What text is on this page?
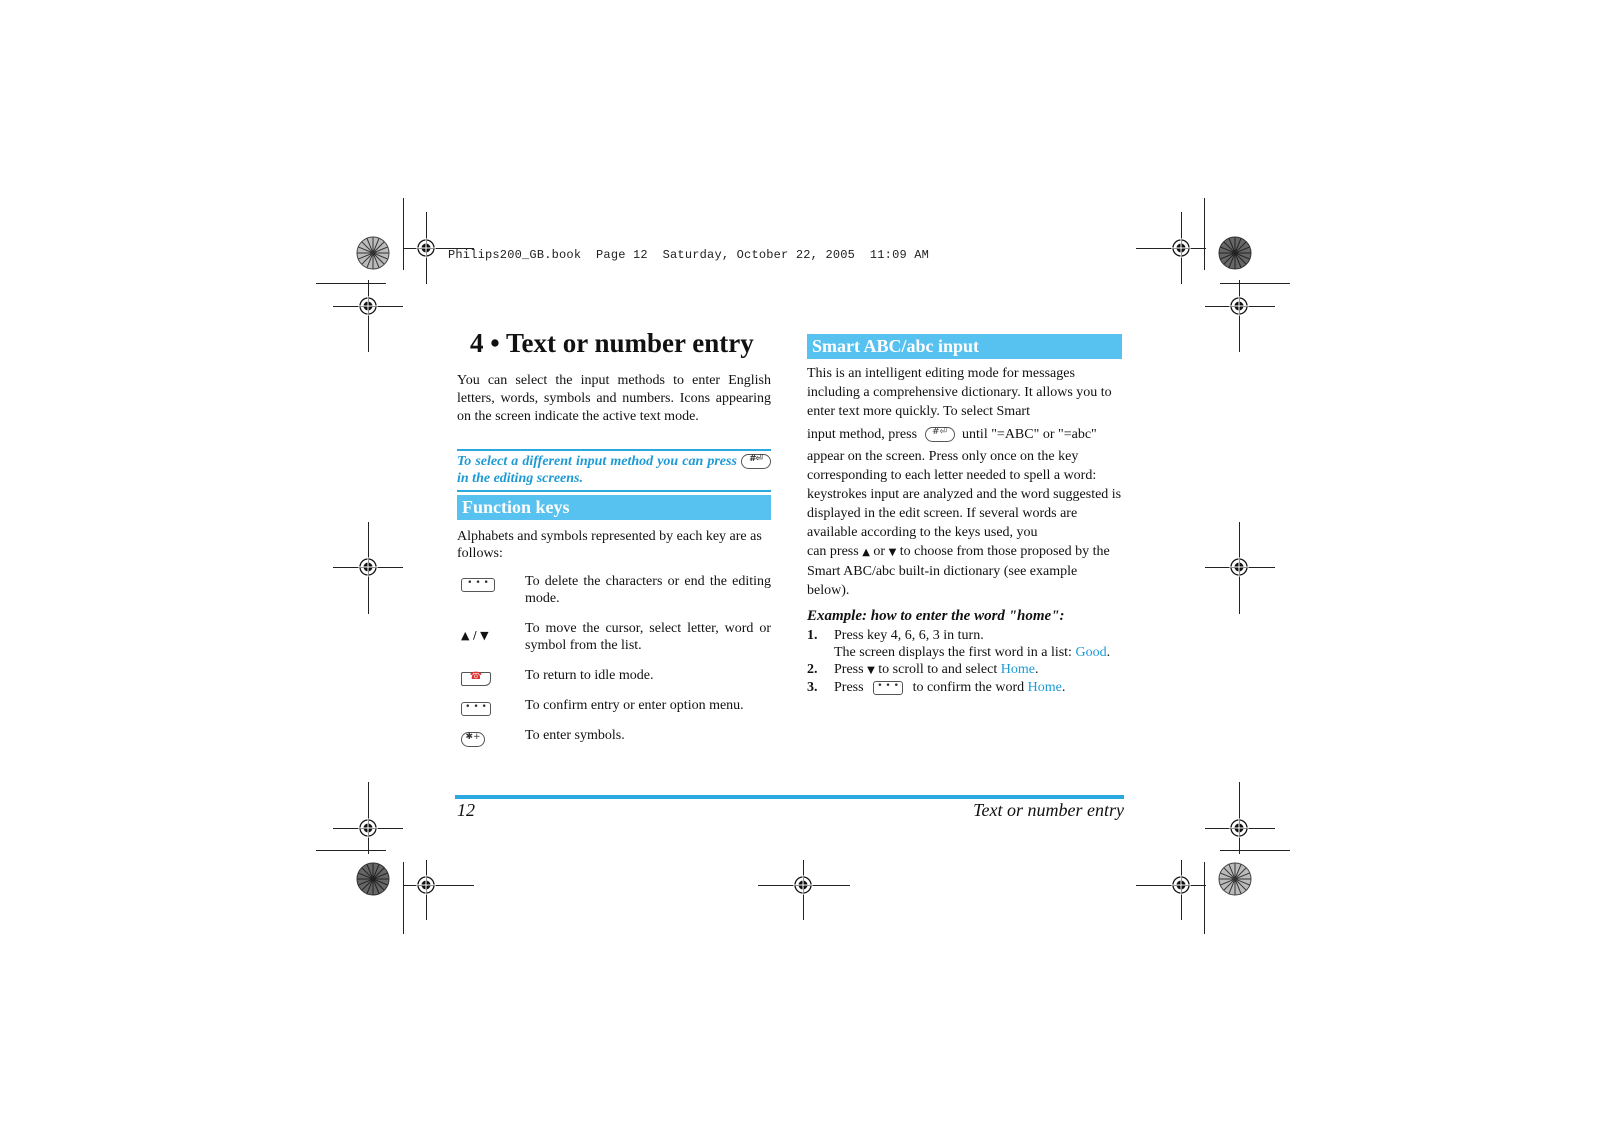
Philips200_GB.book  Page 12  Saturday, October 22, 2005  11:09 AM
4 • Text or number entry
You can select the input methods to enter English letters, words, symbols and numbers. Icons appearing on the screen indicate the active text mode.
To select a different input method you can press	#⏎
in the editing screens.
Function keys
Alphabets and symbols represented by each key are as follows:
• • •	To delete the characters or end the editing mode.
▲ / ▼	To move the cursor, select letter, word or symbol from the list.
☎	To return to idle mode.
• • •	To confirm entry or enter option menu.
✱+	To enter symbols.
Smart ABC/abc input
This is an intelligent editing mode for messages including a comprehensive dictionary. It allows you to enter text more quickly. To select Smart
input method, press	#⏎	until "=ABC" or "=abc"
appear on the screen. Press only once on the key corresponding to each letter needed to spell a word: keystrokes input are analyzed and the word suggested is displayed in the edit screen. If several words are available according to the keys used, you
can press ▲ or ▼ to choose from those proposed by the Smart ABC/abc built-in dictionary (see example below).
Example: how to enter the word "home":
1. Press key 4, 6, 6, 3 in turn.
The screen displays the first word in a list: Good.
2. Press ▼ to scroll to and select Home.
3. Press	• • • to confirm the word Home.
12	Text or number entry
